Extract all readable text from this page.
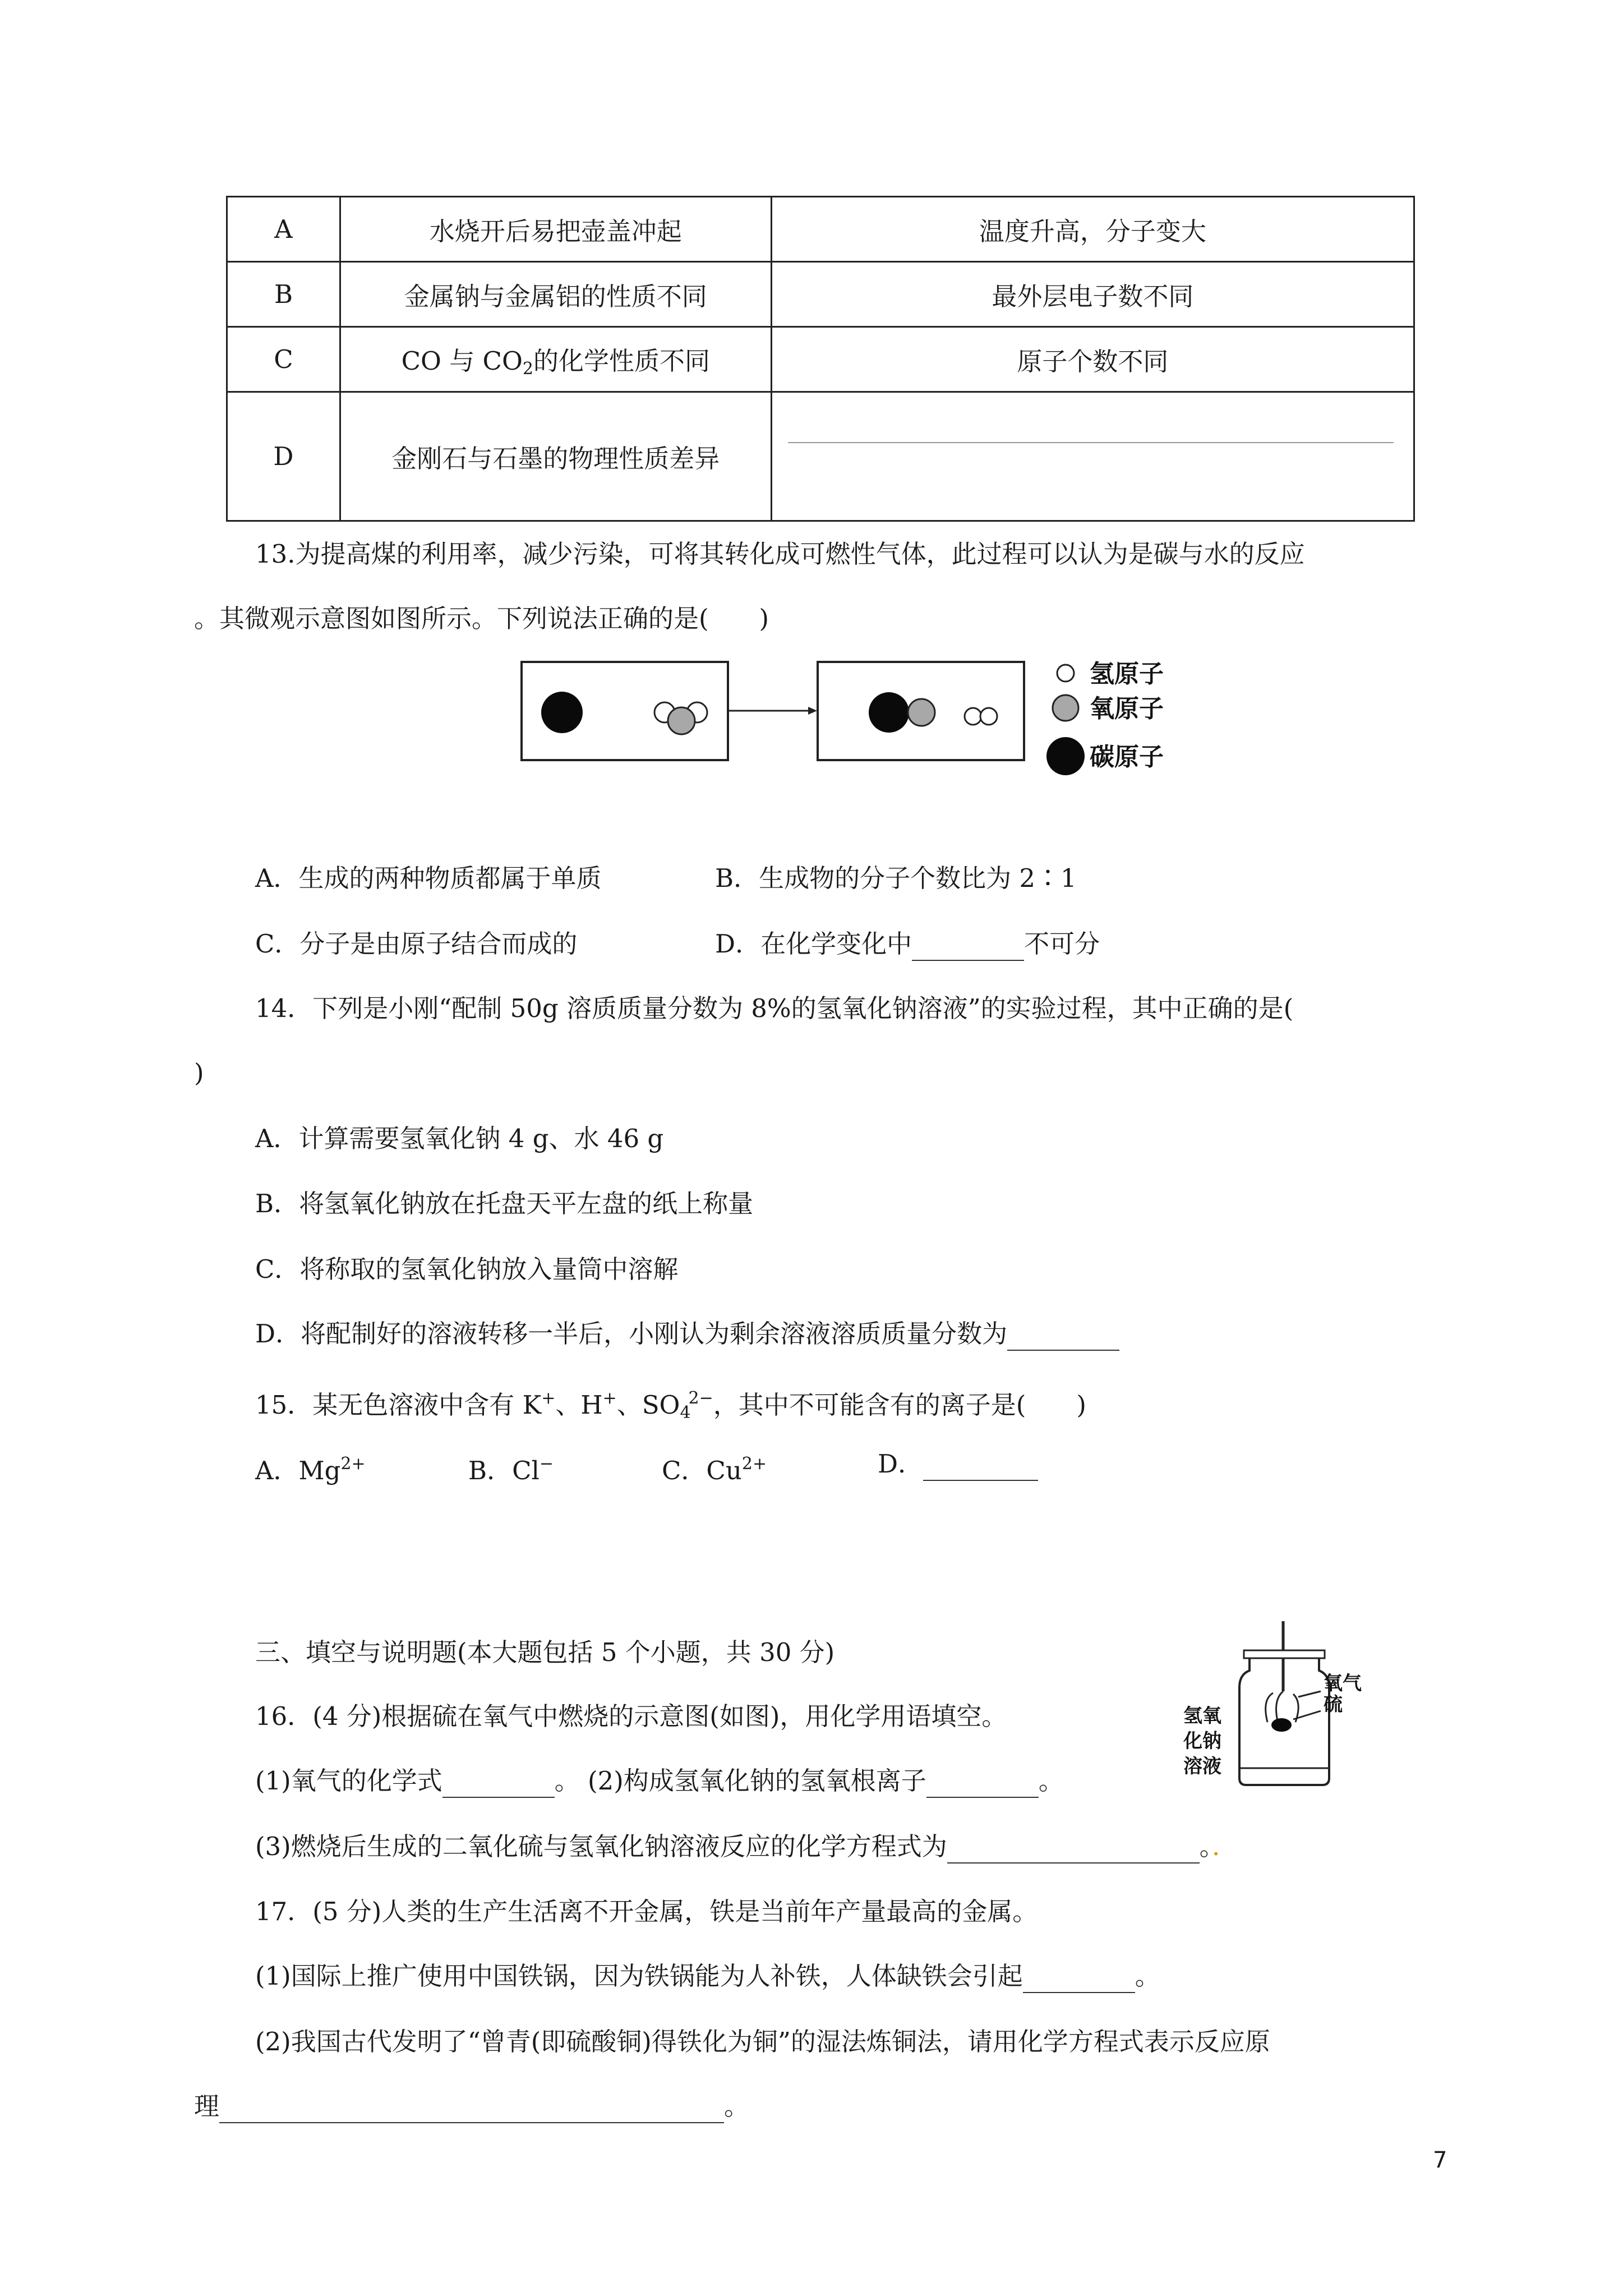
A	水烧开后易把壶盖冲起	温度升高，分子变大
B	金属钠与金属铝的性质不同	最外层电子数不同
C	CO 与 $CO_2$的化学性质不同	原子个数不同
D	金刚石与石墨的物理性质差异	
13.为提高煤的利用率，减少污染，可将其转化成可燃性气体，此过程可以认为是碳与水的反应
。其微观示意图如图所示。下列说法正确的是(　　)
氢原子
氧原子
碳原子
A．生成的两种物质都属于单质	B．生成物的分子个数比为 2∶1
C．分子是由原子结合而成的	D．在化学变化中	不可分
14．下列是小刚“配制 50g 溶质质量分数为 8%的氢氧化钠溶液”的实验过程，其中正确的是(
)
A．计算需要氢氧化钠 4 g、水 46 g
B．将氢氧化钠放在托盘天平左盘的纸上称量
C．将称取的氢氧化钠放入量筒中溶解
D．将配制好的溶液转移一半后，小刚认为剩余溶液溶质质量分数为
15．某无色溶液中含有 K+、H+、$SO_4^{2-}$，其中不可能含有的离子是(　　)
A．$Mg^{2+}$	B．Cl−	C．$Cu^{2+}$	D．
三、填空与说明题(本大题包括 5 个小题，共 30 分)
16．(4 分)根据硫在氧气中燃烧的示意图(如图)，用化学用语填空。
(1)氧气的化学式	。 (2)构成氢氧化钠的氢氧根离子	。
(3)燃烧后生成的二氧化硫与氢氧化钠溶液反应的化学方程式为	。．
氧气
硫
氢氧
化钠
溶液
17．(5 分)人类的生产生活离不开金属，铁是当前年产量最高的金属。
(1)国际上推广使用中国铁锅，因为铁锅能为人补铁，人体缺铁会引起	。
(2)我国古代发明了“曾青(即硫酸铜)得铁化为铜”的湿法炼铜法，请用化学方程式表示反应原
理	。
7
